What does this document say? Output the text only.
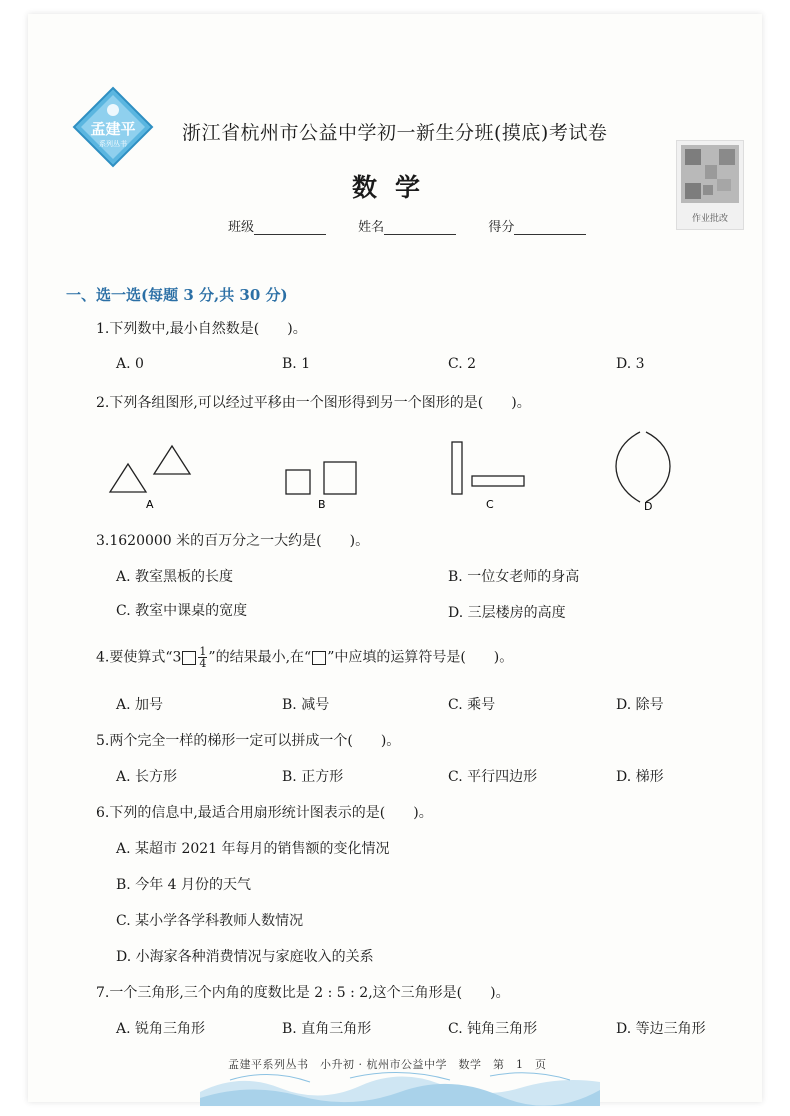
孟建平
系列丛书	浙江省杭州市公益中学初一新生分班(摸底)考试卷
数学
作业批改
班级	姓名	得分
一、选一选(每题 3 分,共 30 分)
1.下列数中,最小自然数是(　　)。
A. 0	B. 1	C. 2	D. 3
2.下列各组图形,可以经过平移由一个图形得到另一个图形的是(　　)。
A	B	C	D
3.1620000 米的百万分之一大约是(　　)。
A. 教室黑板的长度	B. 一位女老师的身高
C. 教室中课桌的宽度	D. 三层楼房的高度
4.要使算式“$3 \frac{1}{4}$ ”的结果最小,在“ ”中应填的运算符号是(　　)。
A. 加号	B. 减号	C. 乘号	D. 除号
5.两个完全一样的梯形一定可以拼成一个(　　)。
A. 长方形	B. 正方形	C. 平行四边形	D. 梯形
6.下列的信息中,最适合用扇形统计图表示的是(　　)。
A. 某超市 2021 年每月的销售额的变化情况
B. 今年 4 月份的天气
C. 某小学各学科教师人数情况
D. 小海家各种消费情况与家庭收入的关系
7.一个三角形,三个内角的度数比是 2 : 5 : 2,这个三角形是(　　)。
A. 锐角三角形	B. 直角三角形	C. 钝角三角形	D. 等边三角形
孟建平系列丛书　小升初 · 杭州市公益中学　数学　第　1　页
